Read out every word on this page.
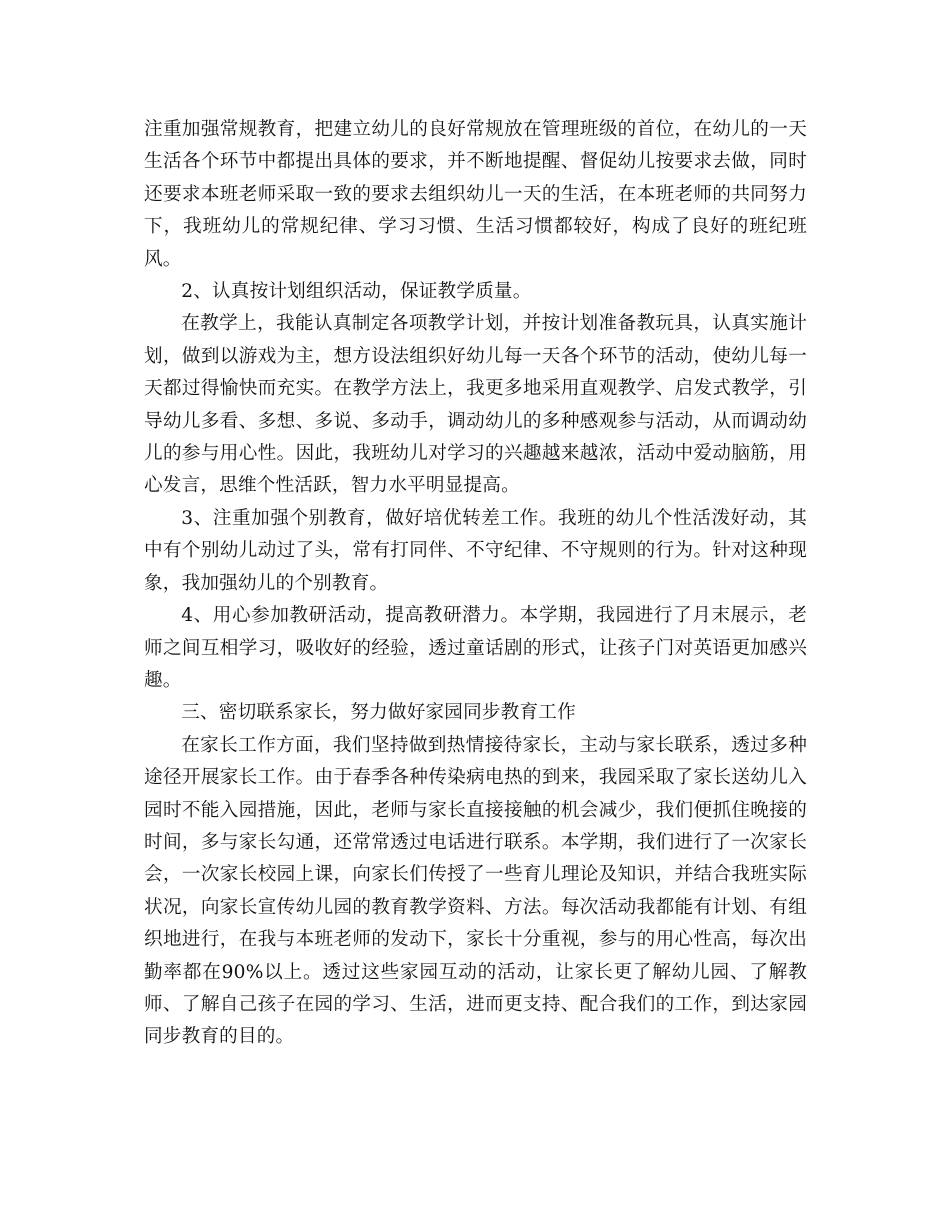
注重加强常规教育，把建立幼儿的良好常规放在管理班级的首位，在幼儿的一天生活各个环节中都提出具体的要求，并不断地提醒、督促幼儿按要求去做，同时还要求本班老师采取一致的要求去组织幼儿一天的生活，在本班老师的共同努力下，我班幼儿的常规纪律、学习习惯、生活习惯都较好，构成了良好的班纪班风。

2、认真按计划组织活动，保证教学质量。

在教学上，我能认真制定各项教学计划，并按计划准备教玩具，认真实施计划，做到以游戏为主，想方设法组织好幼儿每一天各个环节的活动，使幼儿每一天都过得愉快而充实。在教学方法上，我更多地采用直观教学、启发式教学，引导幼儿多看、多想、多说、多动手，调动幼儿的多种感观参与活动，从而调动幼儿的参与用心性。因此，我班幼儿对学习的兴趣越来越浓，活动中爱动脑筋，用心发言，思维个性活跃，智力水平明显提高。

3、注重加强个别教育，做好培优转差工作。我班的幼儿个性活泼好动，其中有个别幼儿动过了头，常有打同伴、不守纪律、不守规则的行为。针对这种现象，我加强幼儿的个别教育。

4、用心参加教研活动，提高教研潜力。本学期，我园进行了月末展示，老师之间互相学习，吸收好的经验，透过童话剧的形式，让孩子门对英语更加感兴趣。

三、密切联系家长，努力做好家园同步教育工作

在家长工作方面，我们坚持做到热情接待家长，主动与家长联系，透过多种途径开展家长工作。由于春季各种传染病电热的到来，我园采取了家长送幼儿入园时不能入园措施，因此，老师与家长直接接触的机会减少，我们便抓住晚接的时间，多与家长勾通，还常常透过电话进行联系。本学期，我们进行了一次家长会，一次家长校园上课，向家长们传授了一些育儿理论及知识，并结合我班实际状况，向家长宣传幼儿园的教育教学资料、方法。每次活动我都能有计划、有组织地进行，在我与本班老师的发动下，家长十分重视，参与的用心性高，每次出勤率都在90%以上。透过这些家园互动的活动，让家长更了解幼儿园、了解教师、了解自己孩子在园的学习、生活，进而更支持、配合我们的工作，到达家园同步教育的目的。
